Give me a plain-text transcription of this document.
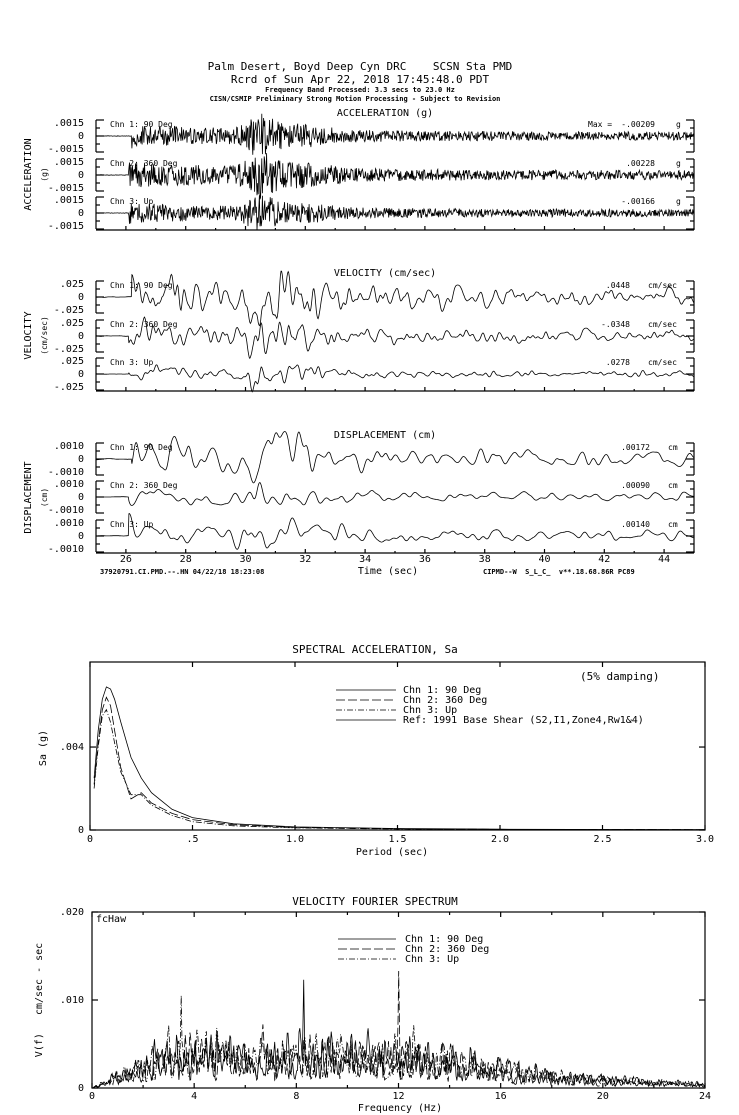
Palm Desert, Boyd Deep Cyn DRC    SCSN Sta PMD
Rcrd of Sun Apr 22, 2018 17:45:48.0 PDT
Frequency Band Processed: 3.3 secs to 23.0 Hz
CISN/CSMIP Preliminary Strong Motion Processing - Subject to Revision
ACCELERATION (g)
ACCELERATION (g)
.0015
0
-.0015
Chn 1: 90 Deg	Max = -.00209	g
.0015
0
-.0015
Chn 2: 360 Deg	.00228	g
.0015
0
-.0015
Chn 3: Up	-.00166	g
VELOCITY (cm/sec)
VELOCITY (cm/sec)
.025
0
-.025
Chn 1: 90 Deg	.0448 cm/sec
.025
0
-.025
Chn 2: 360 Deg	-.0348 cm/sec
.025
0
-.025
Chn 3: Up	.0278 cm/sec
DISPLACEMENT (cm)
DISPLACEMENT (cm)
26	28	30	32	34	36	38	40	42	44
.0010
0
-.0010
Chn 1: 90 Deg	.00172 cm
.0010
0
-.0010
Chn 2: 360 Deg	.00090 cm
.0010
0
-.0010
Chn 3: Up	.00140 cm
37920791.CI.PMD.--.HN 04/22/18 18:23:08	Time (sec)	CIPMD--W  S_L_C_  v**.18.68.86R PC89
SPECTRAL ACCELERATION, Sa
(5% damping)
Period (sec)
Sa (g)
0	.5	1.0	1.5	2.0	2.5	3.0
0
.004
Chn 1: 90 Deg
Chn 2: 360 Deg
Chn 3: Up
Ref: 1991 Base Shear (S2,I1,Zone4,Rw1&4)
VELOCITY FOURIER SPECTRUM
fcHaw
Frequency (Hz)
V(f)   cm/sec - sec
0	4	8	12	16	20	24
0
.010
.020
Chn 1: 90 Deg
Chn 2: 360 Deg
Chn 3: Up
